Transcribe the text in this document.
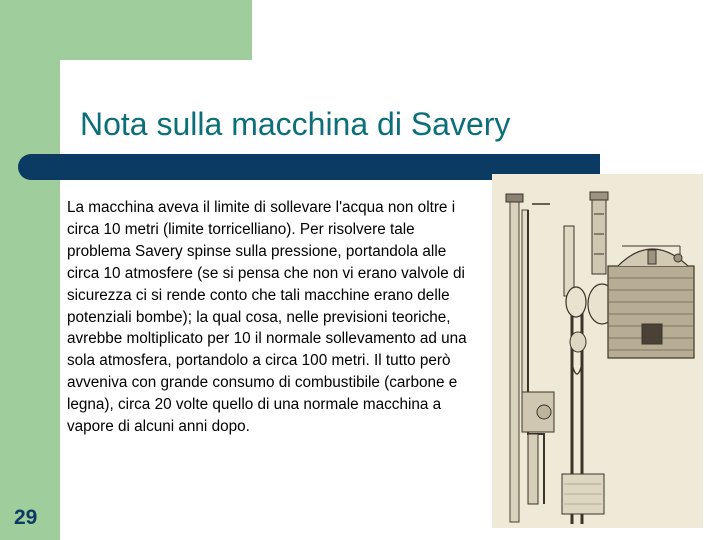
Nota sulla macchina di Savery

La macchina aveva il limite di sollevare l'acqua non oltre i circa 10 metri (limite torricelliano). Per risolvere tale problema Savery spinse sulla pressione, portandola alle circa 10 atmosfere (se si pensa che non vi erano valvole di sicurezza ci si rende conto che tali macchine erano delle potenziali bombe); la qual cosa, nelle previsioni teoriche, avrebbe moltiplicato per 10 il normale sollevamento ad una sola atmosfera, portandolo a circa 100 metri. Il tutto però avveniva con grande consumo di combustibile (carbone e legna), circa 20 volte quello di una normale macchina a vapore di alcuni anni dopo.

29
